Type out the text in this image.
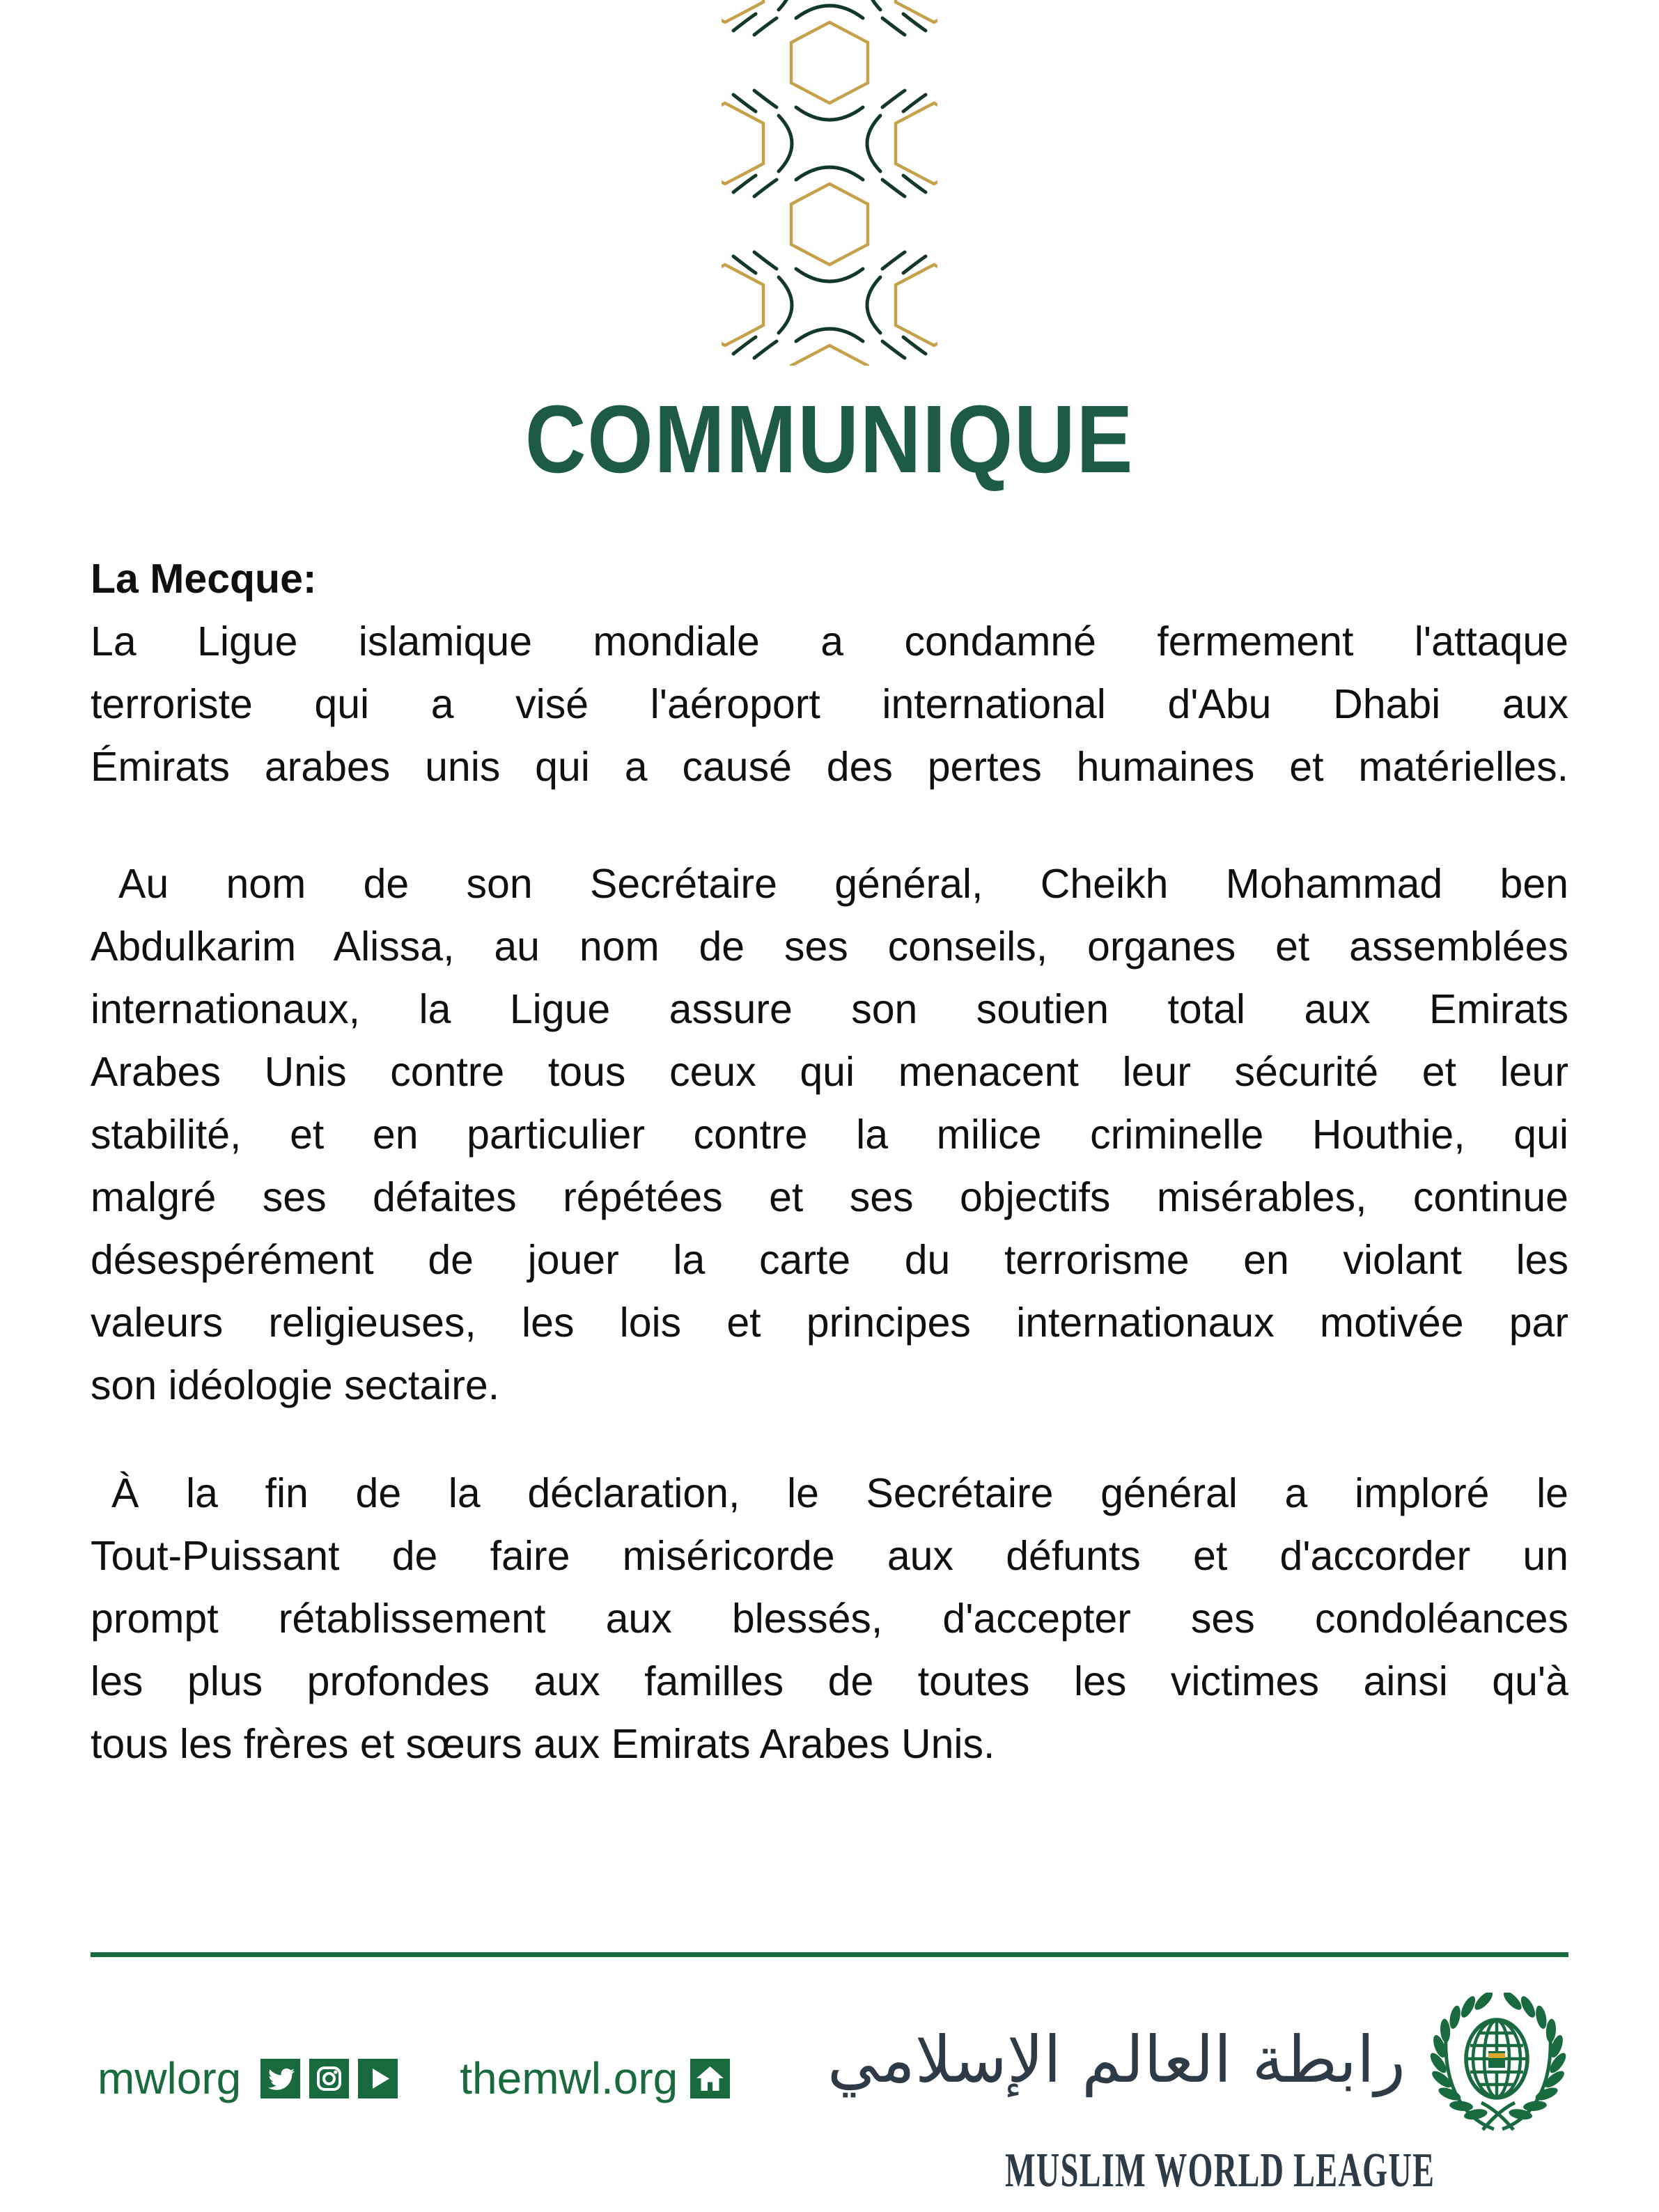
COMMUNIQUE
La Mecque:
La Ligue islamique mondiale a condamné fermement l'attaque
terroriste qui a visé l'aéroport international d'Abu Dhabi aux
Émirats arabes unis qui a causé des pertes humaines et matérielles.
Au nom de son Secrétaire général, Cheikh Mohammad ben
Abdulkarim Alissa, au nom de ses conseils, organes et assemblées
internationaux, la Ligue assure son soutien total aux Emirats
Arabes Unis contre tous ceux qui menacent leur sécurité et leur
stabilité, et en particulier contre la milice criminelle Houthie, qui
malgré ses défaites répétées et ses objectifs misérables, continue
désespérément de jouer la carte du terrorisme en violant les
valeurs religieuses, les lois et principes internationaux motivée par
son idéologie sectaire.
À la fin de la déclaration, le Secrétaire général a imploré le
Tout-Puissant de faire miséricorde aux défunts et d'accorder un
prompt rétablissement aux blessés, d'accepter ses condoléances
les plus profondes aux familles de toutes les victimes ainsi qu'à
tous les frères et sœurs aux Emirats Arabes Unis.
mwlorg	themwl.org رابطة العالم الإسلامي
MUSLIM WORLD LEAGUE
